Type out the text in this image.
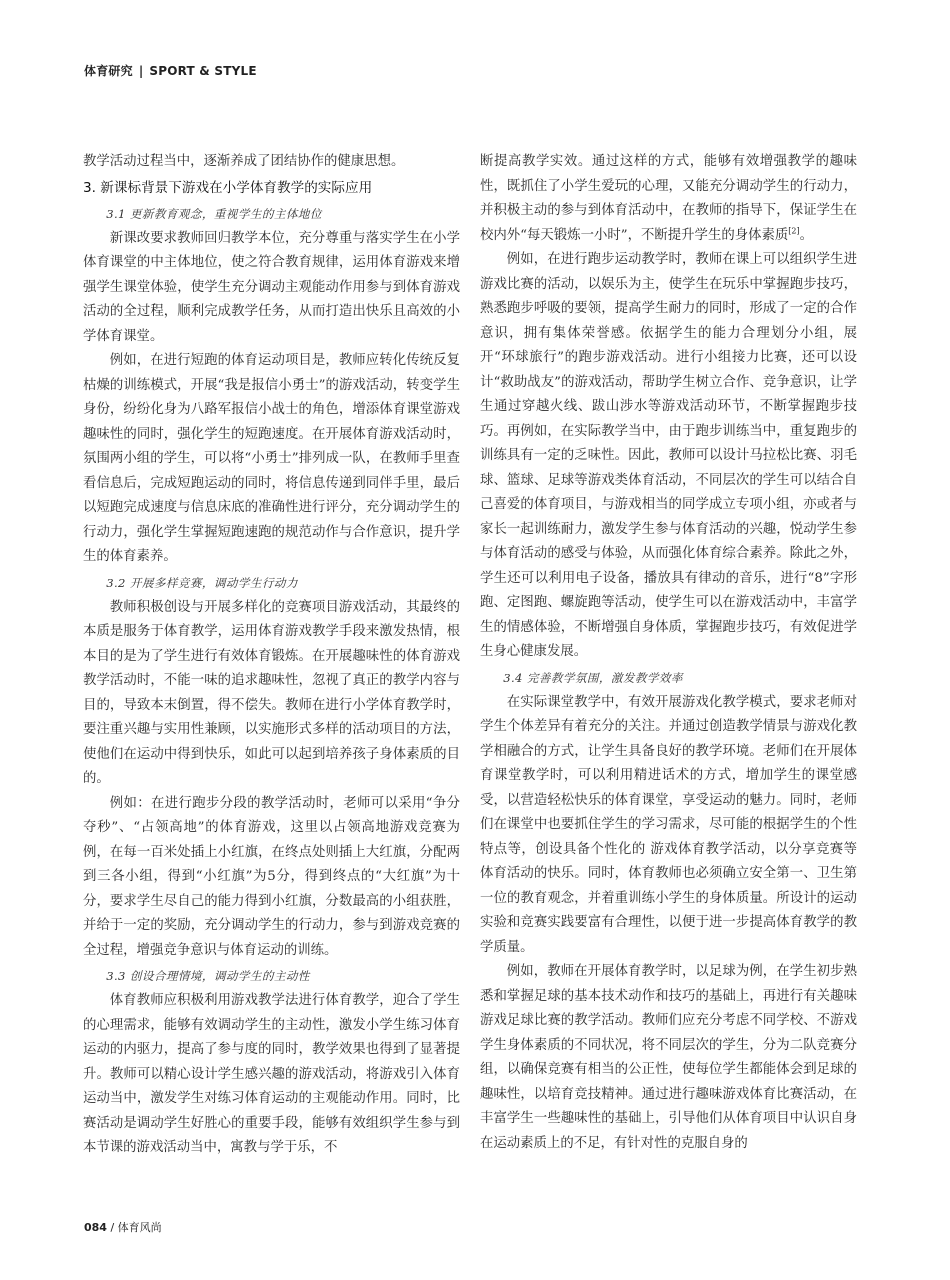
体育研究 | SPORT & STYLE

教学活动过程当中，逐渐养成了团结协作的健康思想。

3. 新课标背景下游戏在小学体育教学的实际应用
3.1 更新教育观念，重视学生的主体地位

新课改要求教师回归教学本位，充分尊重与落实学生在小学体育课堂的中主体地位，使之符合教育规律，运用体育游戏来增强学生课堂体验，使学生充分调动主观能动作用参与到体育游戏活动的全过程，顺利完成教学任务，从而打造出快乐且高效的小学体育课堂。

例如，在进行短跑的体育运动项目是，教师应转化传统反复枯燥的训练模式，开展“我是报信小勇士”的游戏活动，转变学生身份，纷纷化身为八路军报信小战士的角色，增添体育课堂游戏趣味性的同时，强化学生的短跑速度。在开展体育游戏活动时，氛围两小组的学生，可以将“小勇士”排列成一队，在教师手里查看信息后，完成短跑运动的同时，将信息传递到同伴手里，最后以短跑完成速度与信息床底的准确性进行评分，充分调动学生的行动力，强化学生掌握短跑速跑的规范动作与合作意识，提升学生的体育素养。

3.2 开展多样竞赛，调动学生行动力

教师积极创设与开展多样化的竞赛项目游戏活动，其最终的本质是服务于体育教学，运用体育游戏教学手段来激发热情，根本目的是为了学生进行有效体育锻炼。在开展趣味性的体育游戏教学活动时，不能一味的追求趣味性，忽视了真正的教学内容与目的，导致本末倒置，得不偿失。教师在进行小学体育教学时，要注重兴趣与实用性兼顾，以实施形式多样的活动项目的方法，使他们在运动中得到快乐，如此可以起到培养孩子身体素质的目的。

例如：在进行跑步分段的教学活动时，老师可以采用“争分夺秒”、“占领高地”的体育游戏，这里以占领高地游戏竞赛为例，在每一百米处插上小红旗，在终点处则插上大红旗，分配两到三各小组，得到“小红旗”为5分，得到终点的“大红旗”为十分，要求学生尽自己的能力得到小红旗，分数最高的小组获胜，并给于一定的奖励，充分调动学生的行动力，参与到游戏竞赛的全过程，增强竞争意识与体育运动的训练。

3.3 创设合理情境，调动学生的主动性

体育教师应积极利用游戏教学法进行体育教学，迎合了学生的心理需求，能够有效调动学生的主动性，激发小学生练习体育运动的内驱力，提高了参与度的同时，教学效果也得到了显著提升。教师可以精心设计学生感兴趣的游戏活动，将游戏引入体育运动当中，激发学生对练习体育运动的主观能动作用。同时，比赛活动是调动学生好胜心的重要手段，能够有效组织学生参与到本节课的游戏活动当中，寓教与学于乐，不

断提高教学实效。通过这样的方式，能够有效增强教学的趣味性，既抓住了小学生爱玩的心理，又能充分调动学生的行动力，并积极主动的参与到体育活动中，在教师的指导下，保证学生在校内外“每天锻炼一小时”，不断提升学生的身体素质[2]。

例如，在进行跑步运动教学时，教师在课上可以组织学生进游戏比赛的活动，以娱乐为主，使学生在玩乐中掌握跑步技巧，熟悉跑步呼吸的要领，提高学生耐力的同时，形成了一定的合作意识，拥有集体荣誉感。依据学生的能力合理划分小组，展开“环球旅行”的跑步游戏活动。进行小组接力比赛，还可以设计“救助战友”的游戏活动，帮助学生树立合作、竞争意识，让学生通过穿越火线、跋山涉水等游戏活动环节，不断掌握跑步技巧。再例如，在实际教学当中，由于跑步训练当中，重复跑步的训练具有一定的乏味性。因此，教师可以设计马拉松比赛、羽毛球、篮球、足球等游戏类体育活动，不同层次的学生可以结合自己喜爱的体育项目，与游戏相当的同学成立专项小组，亦或者与家长一起训练耐力，激发学生参与体育活动的兴趣，悦动学生参与体育活动的感受与体验，从而强化体育综合素养。除此之外，学生还可以利用电子设备，播放具有律动的音乐，进行“8”字形跑、定图跑、螺旋跑等活动，使学生可以在游戏活动中，丰富学生的情感体验，不断增强自身体质，掌握跑步技巧，有效促进学生身心健康发展。

3.4 完善教学氛围，激发教学效率

在实际课堂教学中，有效开展游戏化教学模式，要求老师对学生个体差异有着充分的关注。并通过创造教学情景与游戏化教学相融合的方式，让学生具备良好的教学环境。老师们在开展体育课堂教学时，可以利用精进话术的方式，增加学生的课堂感受，以营造轻松快乐的体育课堂，享受运动的魅力。同时，老师们在课堂中也要抓住学生的学习需求，尽可能的根据学生的个性特点等，创设具备个性化的 游戏体育教学活动，以分享竞赛等体育活动的快乐。同时，体育教师也必须确立安全第一、卫生第一位的教育观念，并着重训练小学生的身体质量。所设计的运动实验和竞赛实践要富有合理性，以便于进一步提高体育教学的教学质量。

例如，教师在开展体育教学时，以足球为例，在学生初步熟悉和掌握足球的基本技术动作和技巧的基础上，再进行有关趣味游戏足球比赛的教学活动。教师们应充分考虑不同学校、不游戏学生身体素质的不同状况，将不同层次的学生，分为二队竞赛分组，以确保竞赛有相当的公正性，使每位学生都能体会到足球的趣味性，以培育竞技精神。通过进行趣味游戏体育比赛活动，在丰富学生一些趣味性的基础上，引导他们从体育项目中认识自身在运动素质上的不足，有针对性的克服自身的

084 / 体育风尚
